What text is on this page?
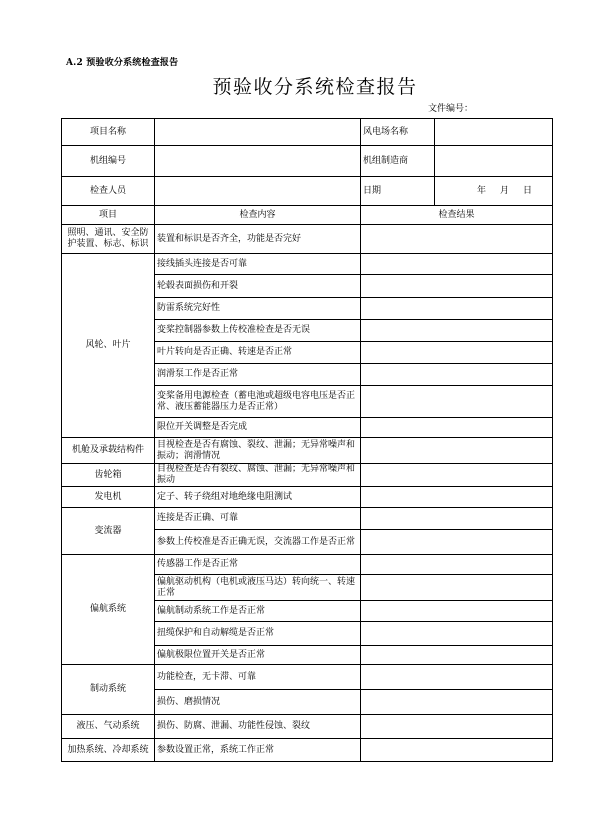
A.2 预验收分系统检查报告
预验收分系统检查报告
文件编号：
项目名称		风电场名称	
机组编号		机组制造商	
检查人员		日期	年 月 日
项目	检查内容	检查结果	
照明、通讯、安全防护装置、标志、标识	装置和标识是否齐全，功能是否完好		
风轮、叶片	接线插头连接是否可靠		
	轮毂表面损伤和开裂		
	防雷系统完好性		
	变桨控制器参数上传校准检查是否无误		
	叶片转向是否正确、转速是否正常		
	润滑泵工作是否正常		
	变桨备用电源检查（蓄电池或超级电容电压是否正常、液压蓄能器压力是否正常）		
	限位开关调整是否完成		
机舱及承载结构件	目视检查是否有腐蚀、裂纹、泄漏；无异常噪声和振动；润滑情况		
齿轮箱	目视检查是否有裂纹、腐蚀、泄漏；无异常噪声和振动		
发电机	定子、转子绕组对地绝缘电阻测试		
变流器	连接是否正确、可靠		
	参数上传校准是否正确无误，交流器工作是否正常		
偏航系统	传感器工作是否正常		
	偏航驱动机构（电机或液压马达）转向统一、转速正常		
	偏航制动系统工作是否正常		
	扭缆保护和自动解缆是否正常		
	偏航极限位置开关是否正常		
制动系统	功能检查，无卡滞、可靠		
	损伤、磨损情况		
液压、气动系统	损伤、防腐、泄漏、功能性侵蚀、裂纹		
加热系统、冷却系统	参数设置正常，系统工作正常		
